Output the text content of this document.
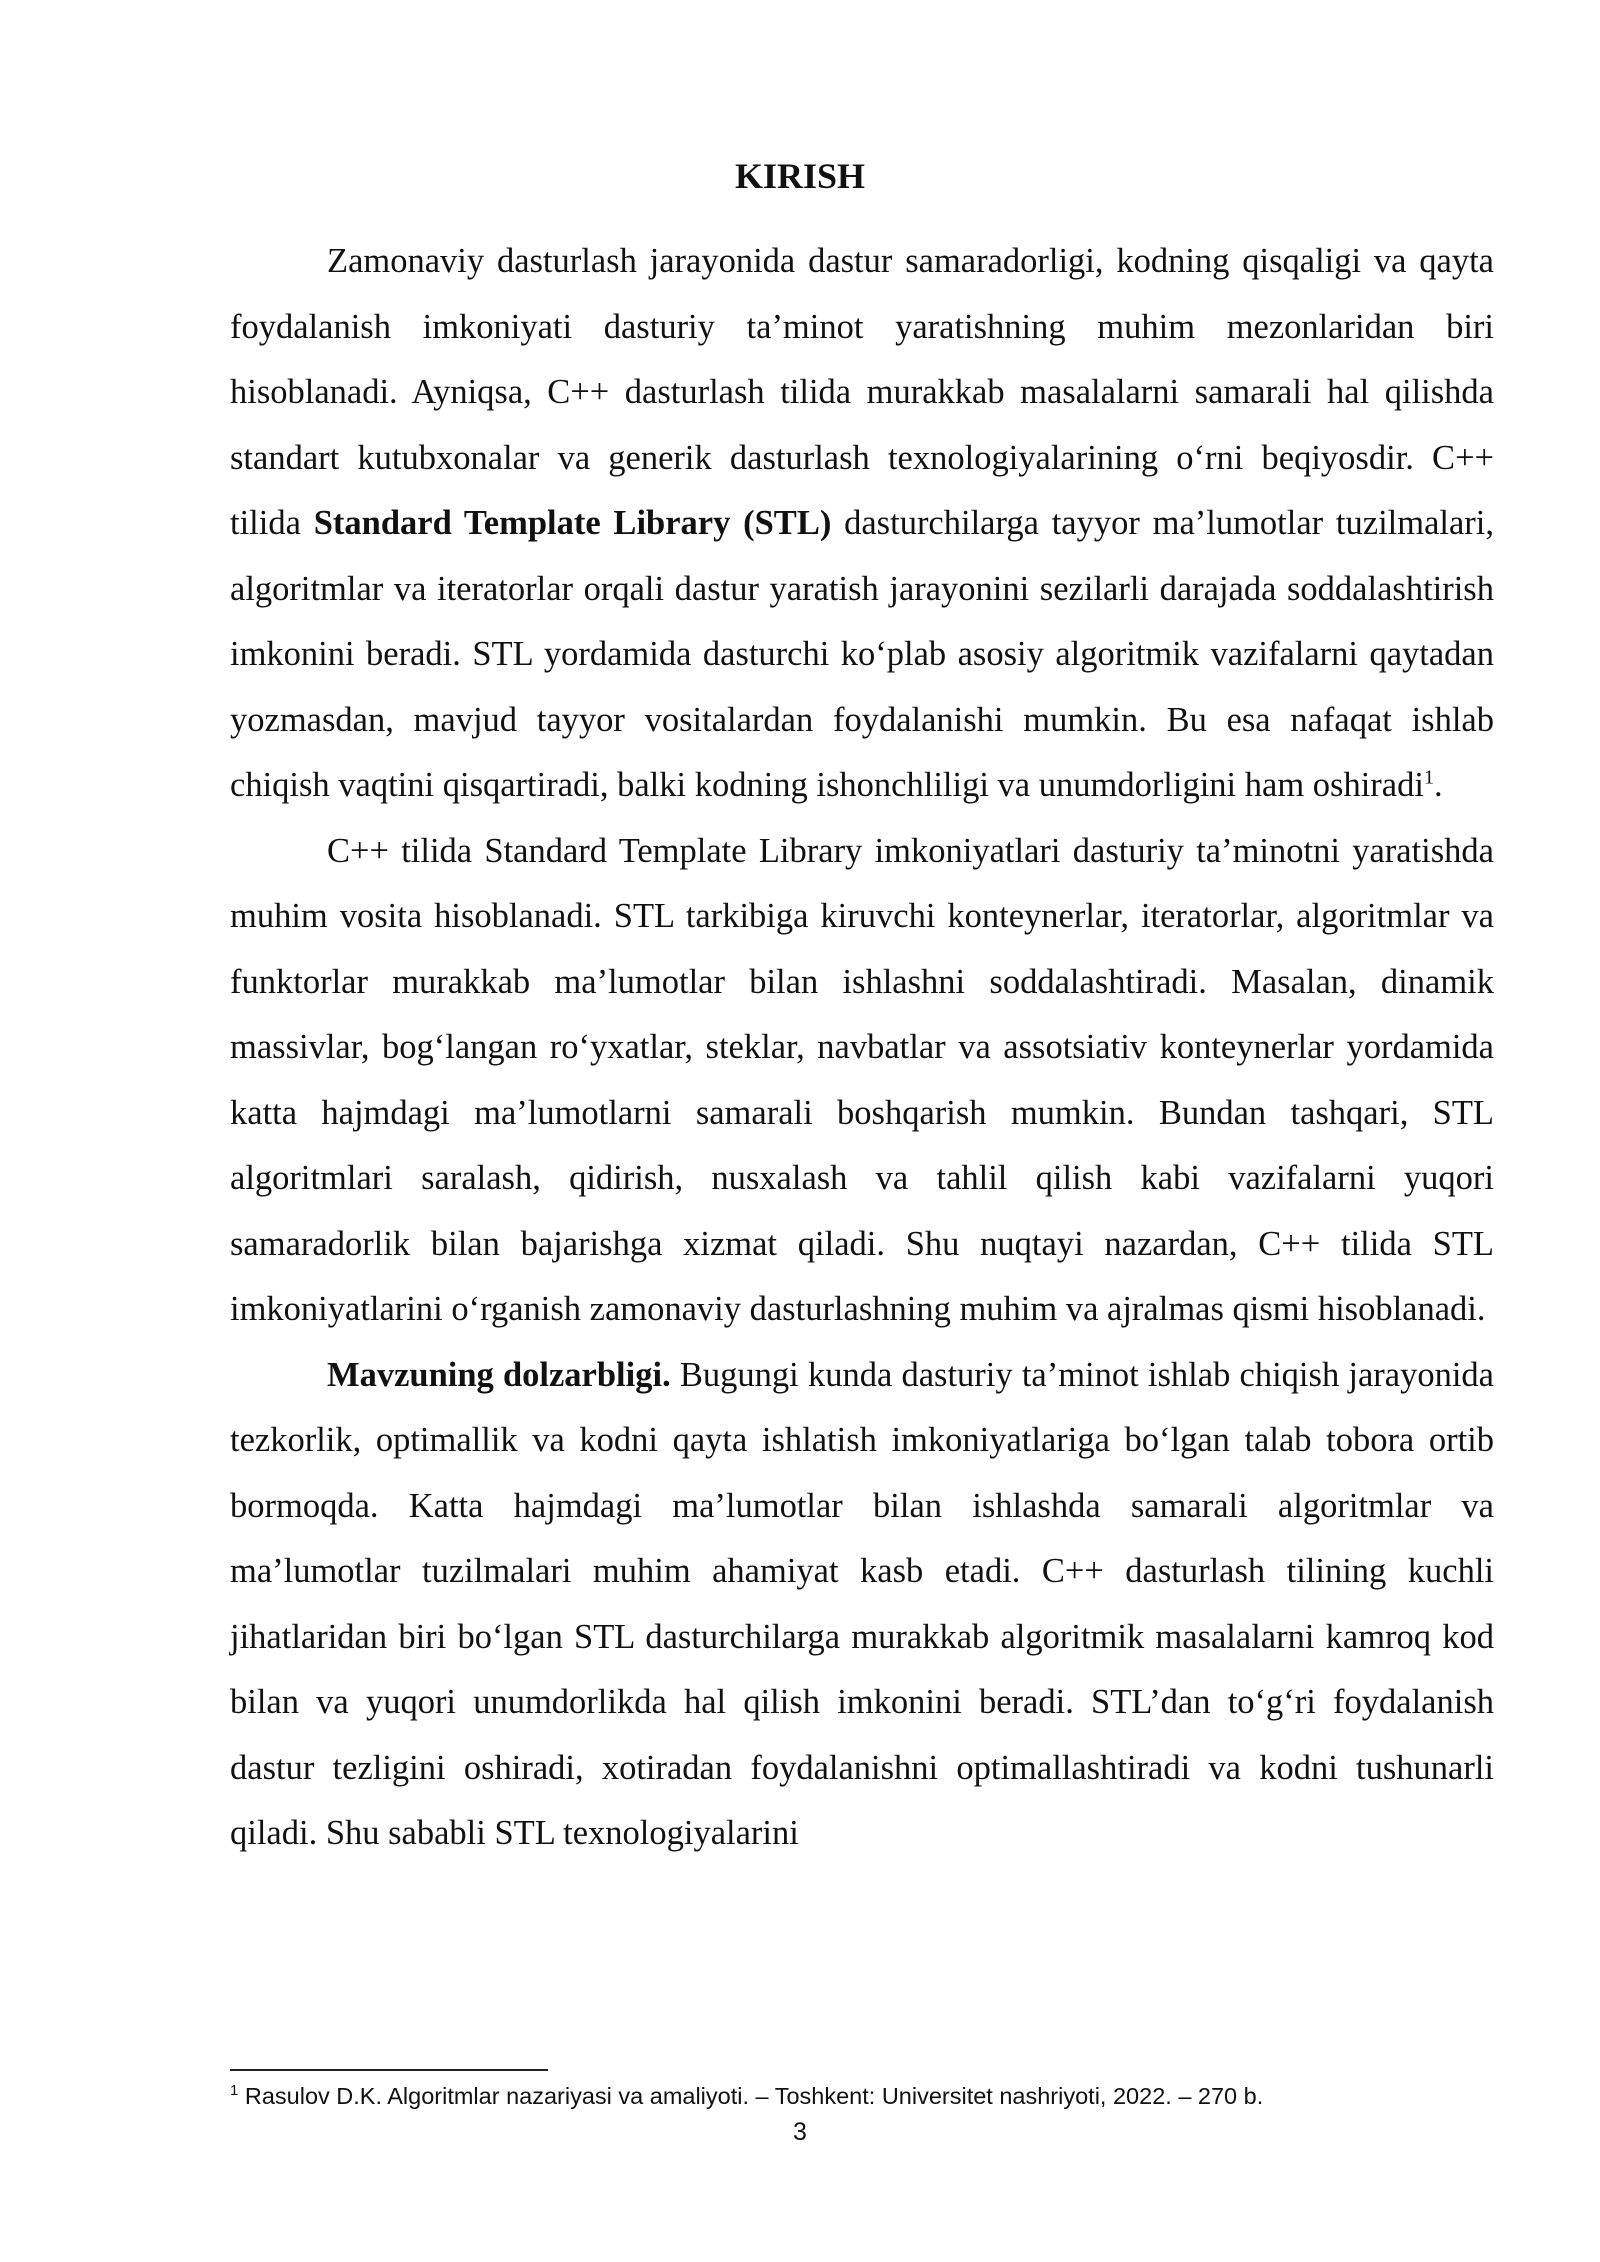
KIRISH

Zamonaviy dasturlash jarayonida dastur samaradorligi, kodning qisqaligi va qayta foydalanish imkoniyati dasturiy ta’minot yaratishning muhim mezonlaridan biri hisoblanadi. Ayniqsa, C++ dasturlash tilida murakkab masalalarni samarali hal qilishda standart kutubxonalar va generik dasturlash texnologiyalarining o‘rni beqiyosdir. C++ tilida Standard Template Library (STL) dasturchilarga tayyor ma’lumotlar tuzilmalari, algoritmlar va iteratorlar orqali dastur yaratish jarayonini sezilarli darajada soddalashtirish imkonini beradi. STL yordamida dasturchi ko‘plab asosiy algoritmik vazifalarni qaytadan yozmasdan, mavjud tayyor vositalardan foydalanishi mumkin. Bu esa nafaqat ishlab chiqish vaqtini qisqartiradi, balki kodning ishonchliligi va unumdorligini ham oshiradi$^1$.

C++ tilida Standard Template Library imkoniyatlari dasturiy ta’minotni yaratishda muhim vosita hisoblanadi. STL tarkibiga kiruvchi konteynerlar, iteratorlar, algoritmlar va funktorlar murakkab ma’lumotlar bilan ishlashni soddalashtiradi. Masalan, dinamik massivlar, bog‘langan ro‘yxatlar, steklar, navbatlar va assotsiativ konteynerlar yordamida katta hajmdagi ma’lumotlarni samarali boshqarish mumkin. Bundan tashqari, STL algoritmlari saralash, qidirish, nusxalash va tahlil qilish kabi vazifalarni yuqori samaradorlik bilan bajarishga xizmat qiladi. Shu nuqtayi nazardan, C++ tilida STL imkoniyatlarini o‘rganish zamonaviy dasturlashning muhim va ajralmas qismi hisoblanadi.

Mavzuning dolzarbligi. Bugungi kunda dasturiy ta’minot ishlab chiqish jarayonida tezkorlik, optimallik va kodni qayta ishlatish imkoniyatlariga bo‘lgan talab tobora ortib bormoqda. Katta hajmdagi ma’lumotlar bilan ishlashda samarali algoritmlar va ma’lumotlar tuzilmalari muhim ahamiyat kasb etadi. C++ dasturlash tilining kuchli jihatlaridan biri bo‘lgan STL dasturchilarga murakkab algoritmik masalalarni kamroq kod bilan va yuqori unumdorlikda hal qilish imkonini beradi. STL’dan to‘g‘ri foydalanish dastur tezligini oshiradi, xotiradan foydalanishni optimallashtiradi va kodni tushunarli qiladi. Shu sababli STL texnologiyalarini

$^1$ Rasulov D.K. Algoritmlar nazariyasi va amaliyoti. – Toshkent: Universitet nashriyoti, 2022. – 270 b.
3
